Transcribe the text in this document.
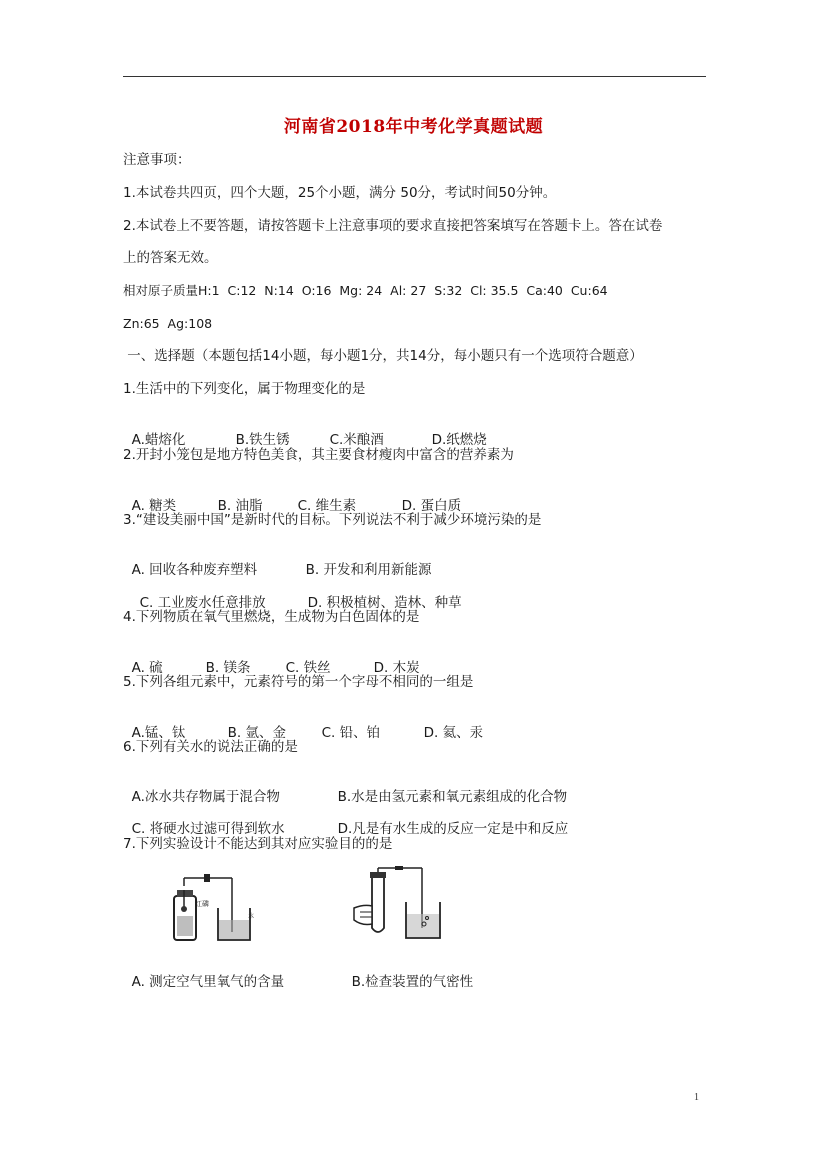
河南省2018年中考化学真题试题
注意事项：
1.本试卷共四页，四个大题，25个小题，满分 50分，考试时间50分钟。
2.本试卷上不要答题，请按答题卡上注意事项的要求直接把答案填写在答题卡上。答在试卷
上的答案无效。
相对原子质量H:1  C:12  N:14  O:16  Mg: 24  Al: 27  S:32  Cl: 35.5  Ca:40  Cu:64
Zn:65  Ag:108
一、选择题（本题包括14小题，每小题1分，共14分，每小题只有一个选项符合题意）
1.生活中的下列变化，属于物理变化的是

A.蜡熔化	B.铁生锈	C.米酿酒	D.纸燃烧

2.开封小笼包是地方特色美食，其主要食材瘦肉中富含的营养素为

A. 糖类	B. 油脂	C. 维生素	D. 蛋白质

3.“建设美丽中国”是新时代的目标。下列说法不利于减少环境污染的是

A. 回收各种废弃塑料	B. 开发和利用新能源

C. 工业废水任意排放	D. 积极植树、造林、种草

4.下列物质在氧气里燃烧，生成物为白色固体的是

A. 硫	B. 镁条	C. 铁丝	D. 木炭

5.下列各组元素中，元素符号的第一个字母不相同的一组是

A.锰、钛	B. 氩、金	C. 铅、铂	D. 氦、汞

6.下列有关水的说法正确的是

A.冰水共存物属于混合物	B.水是由氢元素和氧元素组成的化合物

C. 将硬水过滤可得到软水	D.凡是有水生成的反应一定是中和反应

7.下列实验设计不能达到其对应实验目的的是
红磷
水

A. 测定空气里氧气的含量	B.检查装置的气密性

1
